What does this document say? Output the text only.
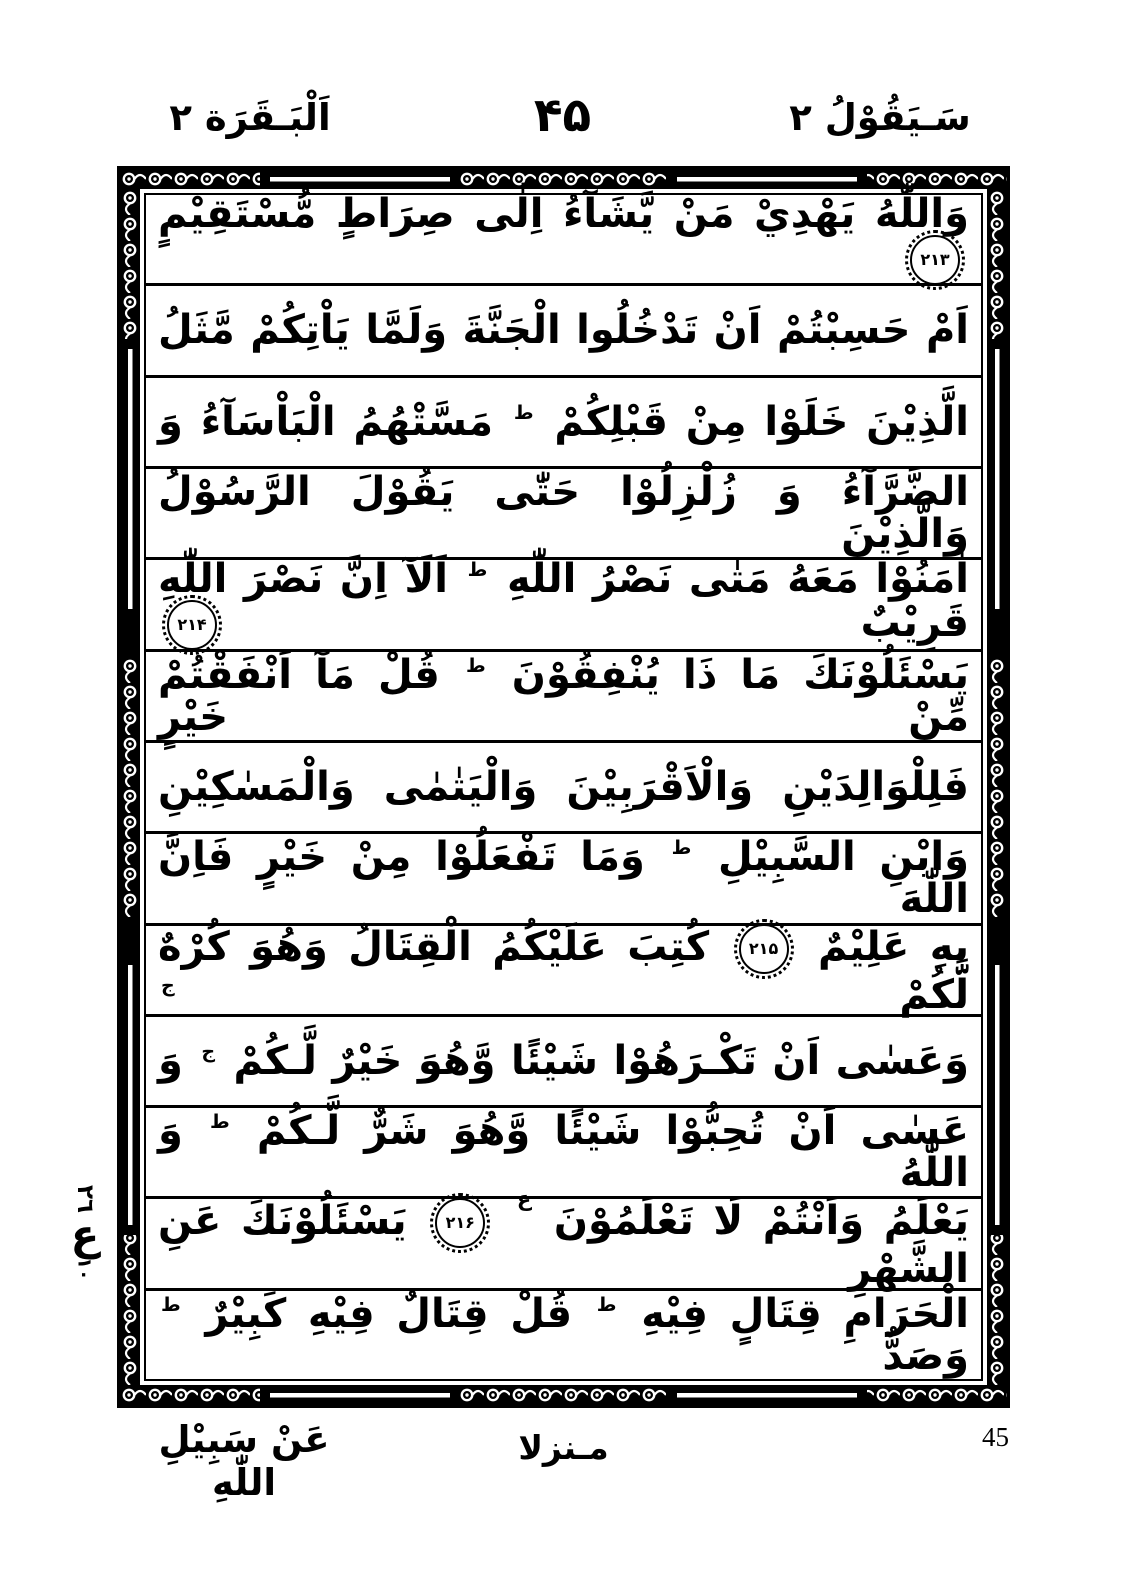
اَلْبَـقَرَة ٢	۴۵	سَـيَقُوْلُ ٢
وَاللّٰهُ يَهْدِيْ مَنْ يَّشَآءُ اِلٰى صِرَاطٍ مُّسْتَقِيْمٍ ۲۱۳
اَمْ حَسِبْتُمْ اَنْ تَدْخُلُوا الْجَنَّةَ وَلَمَّا يَاْتِكُمْ مَّثَلُ
الَّذِيْنَ خَلَوْا مِنْ قَبْلِكُمْ $^ط$ مَسَّتْهُمُ الْبَاْسَآءُ وَ
الضَّرَّآءُ وَ زُلْزِلُوْا حَتّٰى يَقُوْلَ الرَّسُوْلُ وَالَّذِيْنَ
اٰمَنُوْا مَعَهُ مَتٰى نَصْرُ اللّٰهِ $^ط$ اَلَآ اِنَّ نَصْرَ اللّٰهِ قَرِيْبٌ ۲۱۴
يَسْئَلُوْنَكَ مَا ذَا يُنْفِقُوْنَ $^ط$ قُلْ مَآ اَنْفَقْتُمْ مِّنْ خَيْرٍ
فَلِلْوَالِدَيْنِ وَالْاَقْرَبِيْنَ وَالْيَتٰمٰى وَالْمَسٰكِيْنِ
وَابْنِ السَّبِيْلِ $^ط$ وَمَا تَفْعَلُوْا مِنْ خَيْرٍ فَاِنَّ اللّٰهَ
بِهِ عَلِيْمٌ ۲۱۵ كُتِبَ عَلَيْكُمُ الْقِتَالُ وَهُوَ كُرْهٌ لَّكُمْ $^ج$
وَعَسٰى اَنْ تَكْـرَهُوْا شَيْئًا وَّهُوَ خَيْرٌ لَّـكُمْ $^ج$ وَ
عَسٰى اَنْ تُحِبُّوْا شَيْئًا وَّهُوَ شَرٌّ لَّـكُمْ $^ط$ وَ اللّٰهُ
يَعْلَمُ وَاَنْتُمْ لَا تَعْلَمُوْنَ $^ع$ ۲۱۶ يَسْئَلُوْنَكَ عَنِ الشَّهْرِ
الْحَرَامِ قِتَالٍ فِيْهِ $^ط$ قُلْ قِتَالٌ فِيْهِ كَبِيْرٌ $^ط$ وَصَدٌّ
٢٦
ع
١٠
عَنْ سَبِيْلِ اللّٰهِ
مـنزلا	45
